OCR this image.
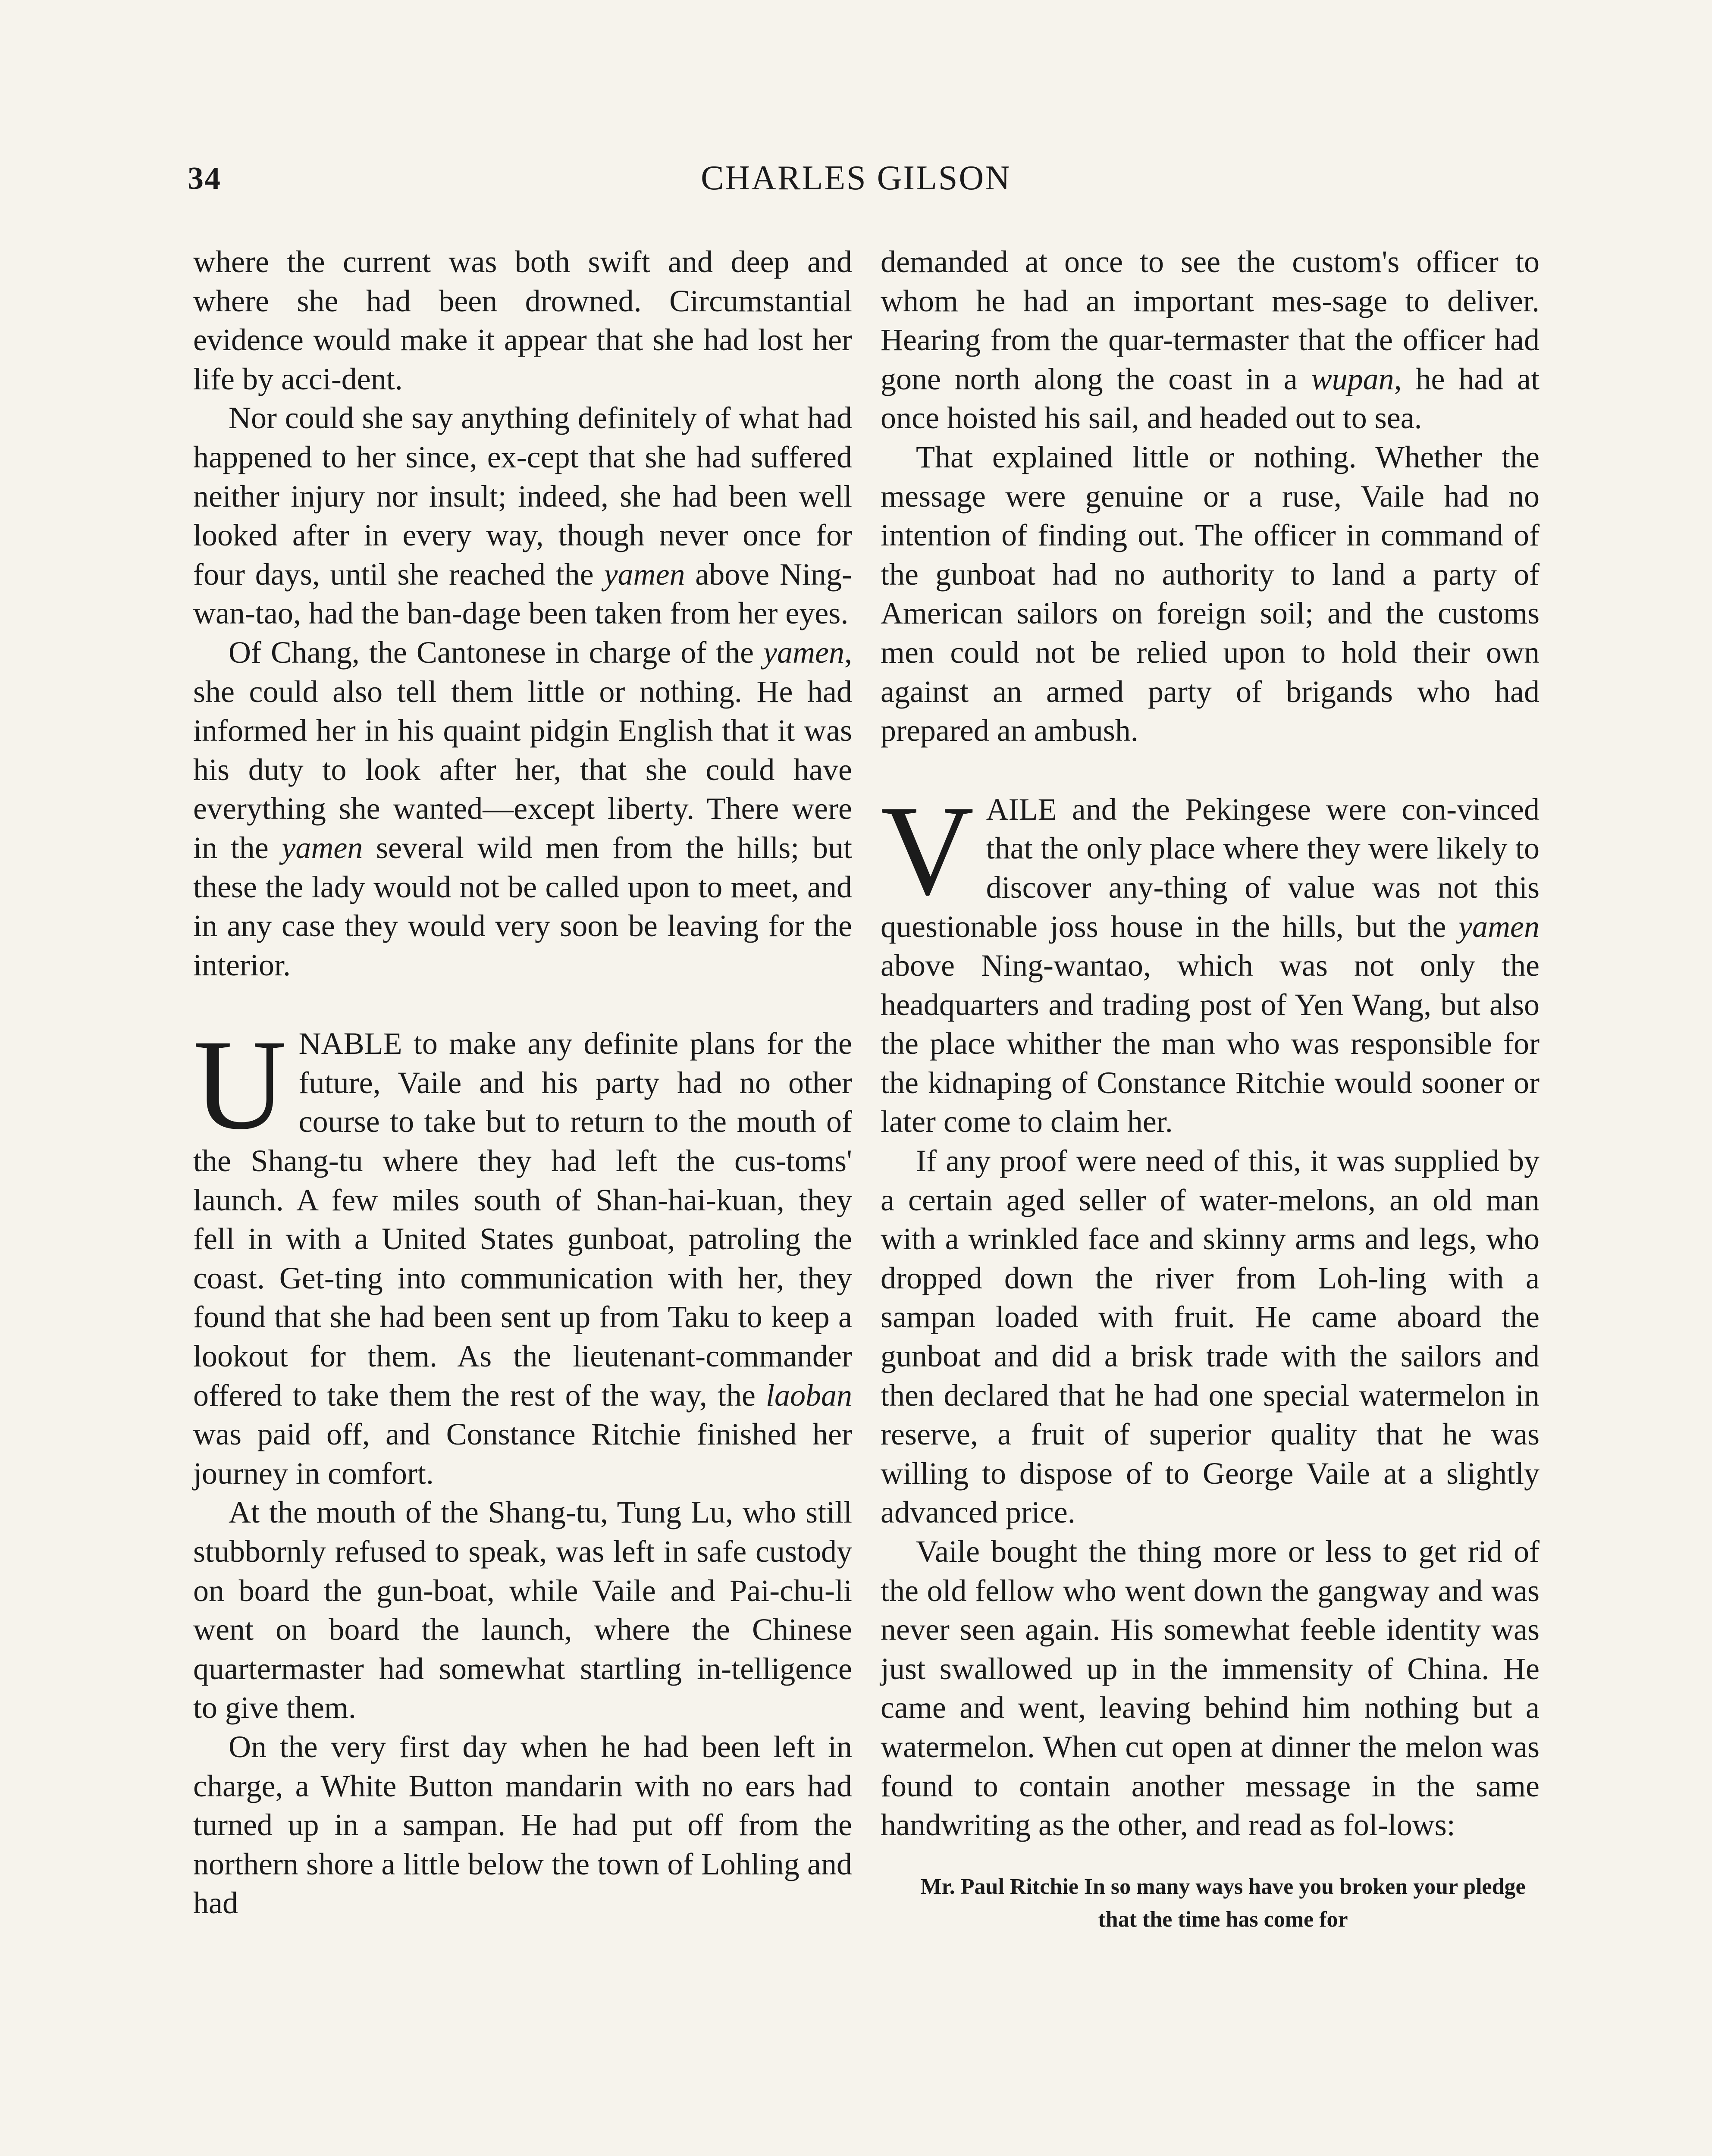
34	CHARLES GILSON

where the current was both swift and deep and where she had been drowned. Circumstantial evidence would make it appear that she had lost her life by acci-dent.

Nor could she say anything definitely of what had happened to her since, ex-cept that she had suffered neither injury nor insult; indeed, she had been well looked after in every way, though never once for four days, until she reached the yamen above Ning-wan-tao, had the ban-dage been taken from her eyes.

Of Chang, the Cantonese in charge of the yamen, she could also tell them little or nothing. He had informed her in his quaint pidgin English that it was his duty to look after her, that she could have everything she wanted—except liberty. There were in the yamen several wild men from the hills; but these the lady would not be called upon to meet, and in any case they would very soon be leaving for the interior.

UNABLE to make any definite plans for the future, Vaile and his party had no other course to take but to return to the mouth of the Shang-tu where they had left the cus-toms' launch. A few miles south of Shan-hai-kuan, they fell in with a United States gunboat, patroling the coast. Get-ting into communication with her, they found that she had been sent up from Taku to keep a lookout for them. As the lieutenant-commander offered to take them the rest of the way, the laoban was paid off, and Constance Ritchie finished her journey in comfort.

At the mouth of the Shang-tu, Tung Lu, who still stubbornly refused to speak, was left in safe custody on board the gun-boat, while Vaile and Pai-chu-li went on board the launch, where the Chinese quartermaster had somewhat startling in-telligence to give them.

On the very first day when he had been left in charge, a White Button mandarin with no ears had turned up in a sampan. He had put off from the northern shore a little below the town of Lohling and had

demanded at once to see the custom's officer to whom he had an important mes-sage to deliver. Hearing from the quar-termaster that the officer had gone north along the coast in a wupan, he had at once hoisted his sail, and headed out to sea.

That explained little or nothing. Whether the message were genuine or a ruse, Vaile had no intention of finding out. The officer in command of the gunboat had no authority to land a party of American sailors on foreign soil; and the customs men could not be relied upon to hold their own against an armed party of brigands who had prepared an ambush.

VAILE and the Pekingese were con-vinced that the only place where they were likely to discover any-thing of value was not this questionable joss house in the hills, but the yamen above Ning-wantao, which was not only the headquarters and trading post of Yen Wang, but also the place whither the man who was responsible for the kidnaping of Constance Ritchie would sooner or later come to claim her.

If any proof were need of this, it was supplied by a certain aged seller of water-melons, an old man with a wrinkled face and skinny arms and legs, who dropped down the river from Loh-ling with a sampan loaded with fruit. He came aboard the gunboat and did a brisk trade with the sailors and then declared that he had one special watermelon in reserve, a fruit of superior quality that he was willing to dispose of to George Vaile at a slightly advanced price.

Vaile bought the thing more or less to get rid of the old fellow who went down the gangway and was never seen again. His somewhat feeble identity was just swallowed up in the immensity of China. He came and went, leaving behind him nothing but a watermelon. When cut open at dinner the melon was found to contain another message in the same handwriting as the other, and read as fol-lows:

Mr. Paul Ritchie In so many ways have you broken your pledge that the time has come for
